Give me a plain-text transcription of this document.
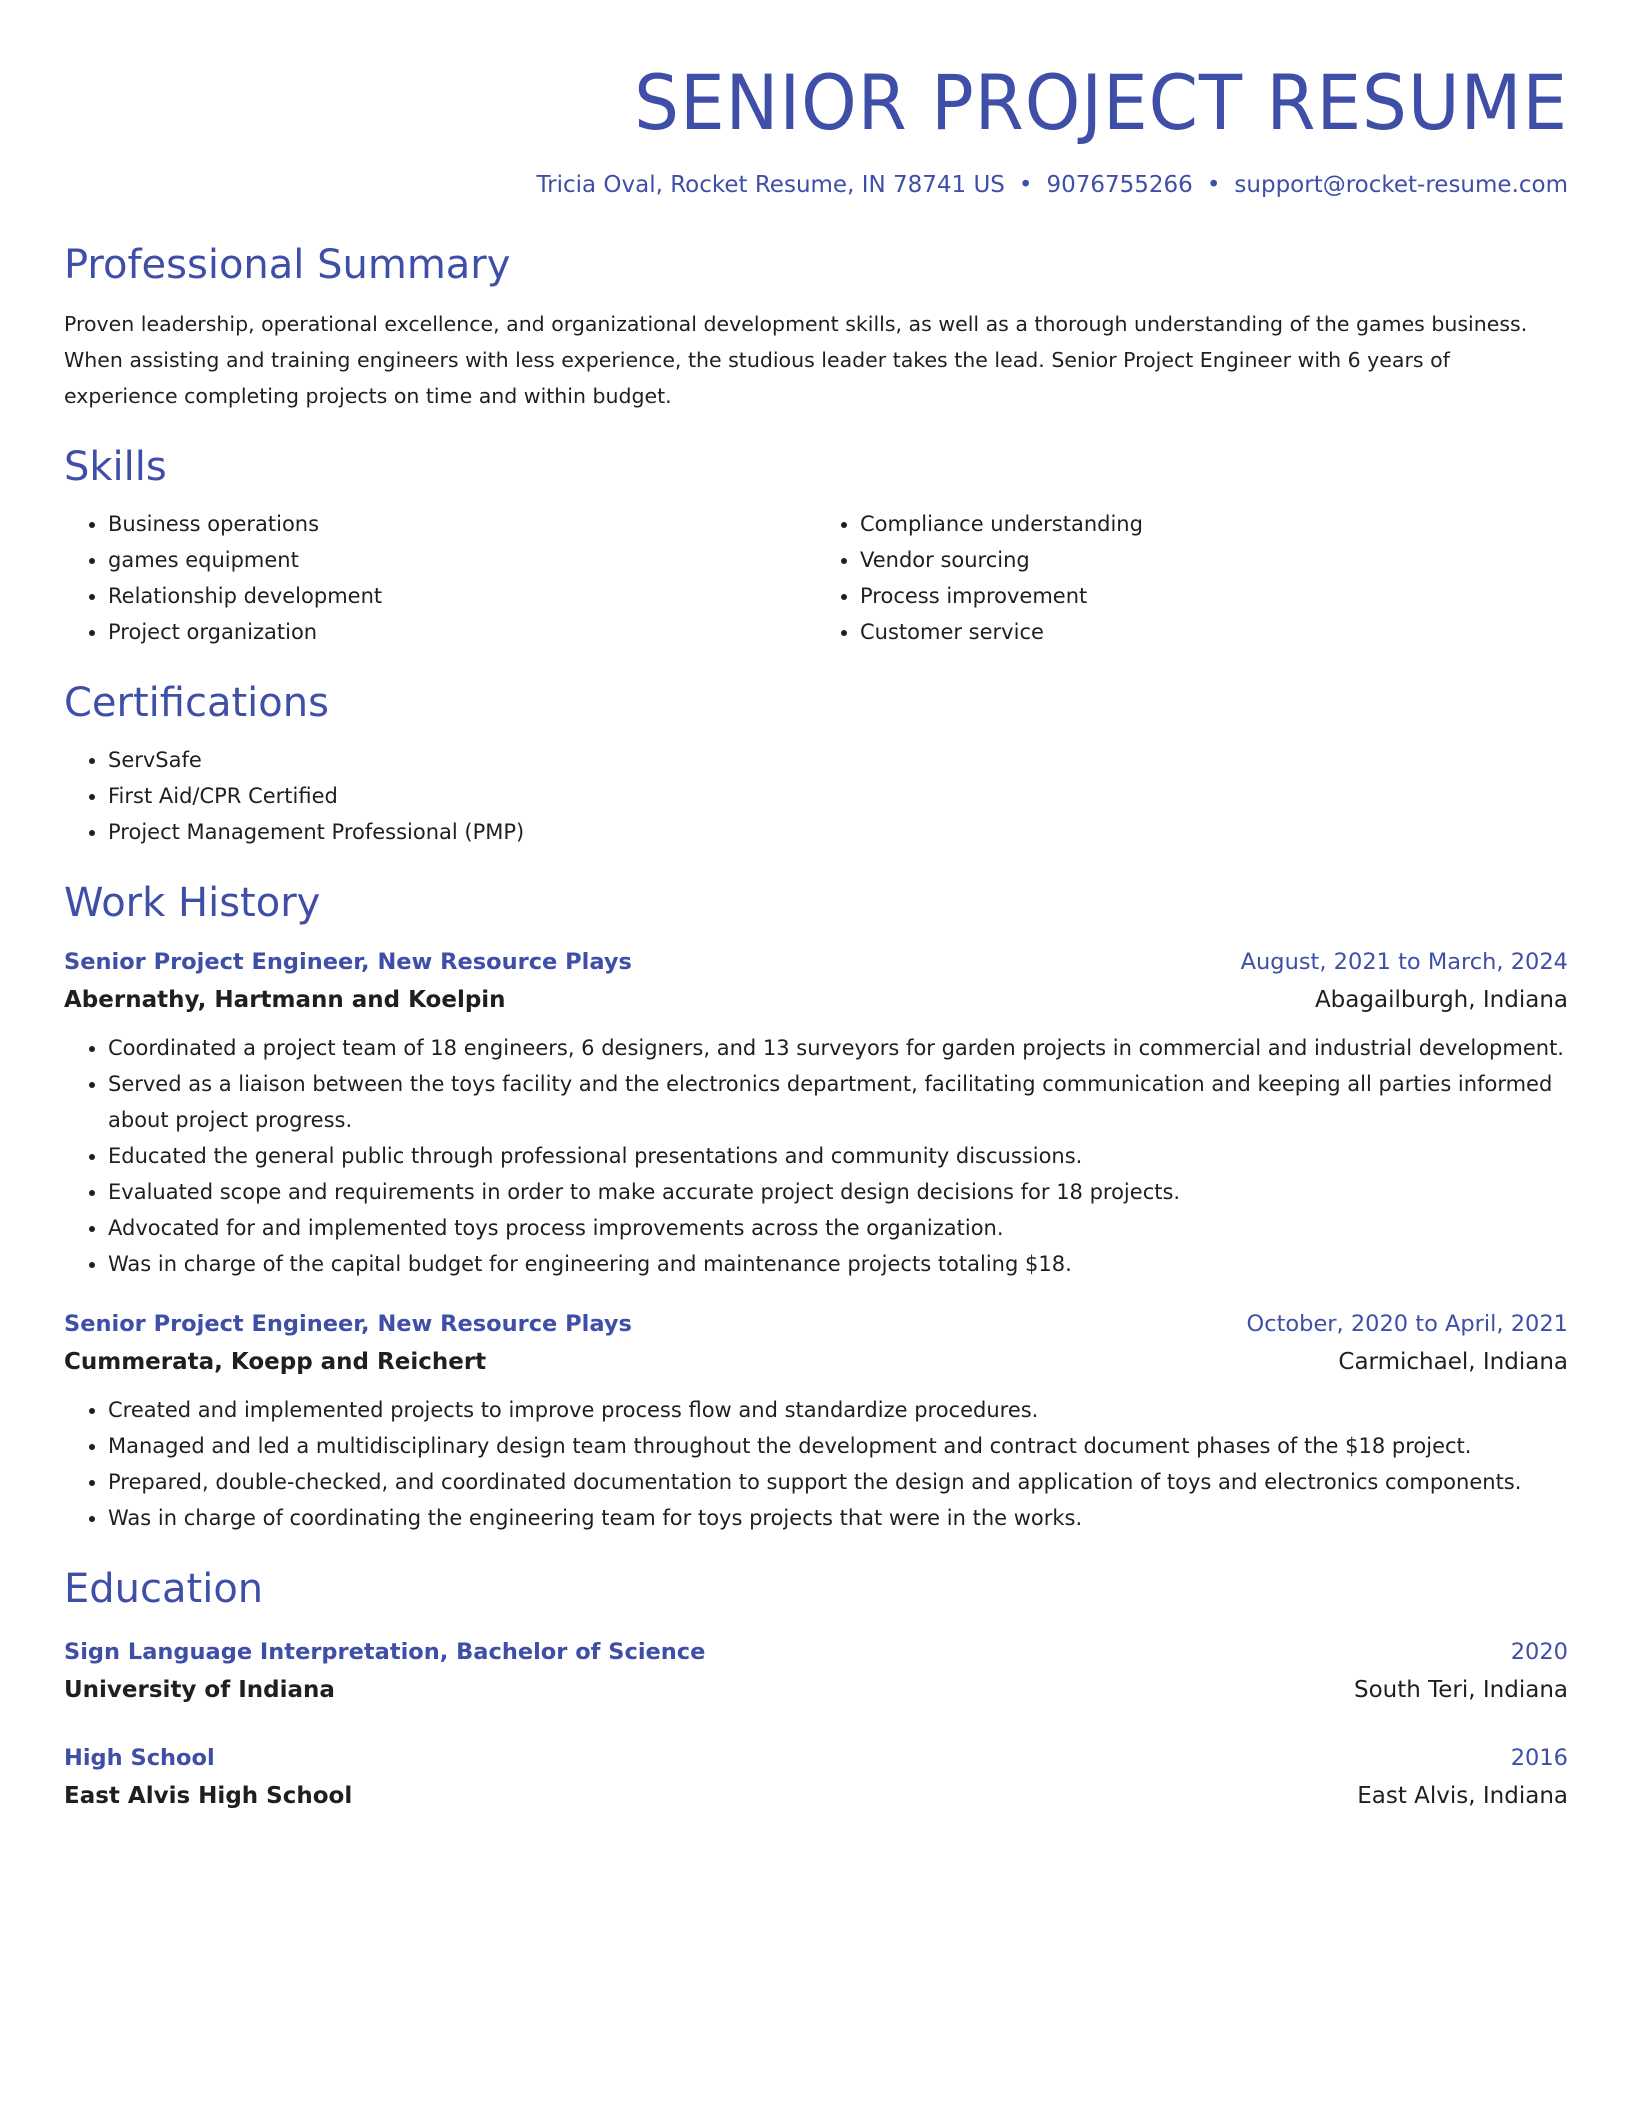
SENIOR PROJECT RESUME
Tricia Oval, Rocket Resume, IN 78741 US • 9076755266 • support@rocket-resume.com
Professional Summary

Proven leadership, operational excellence, and organizational development skills, as well as a thorough understanding of the games business. When assisting and training engineers with less experience, the studious leader takes the lead. Senior Project Engineer with 6 years of experience completing projects on time and within budget.

Skills
• Business operations
• games equipment
• Relationship development
• Project organization
• Compliance understanding
• Vendor sourcing
• Process improvement
• Customer service
Certifications
• ServSafe
• First Aid/CPR Certified
• Project Management Professional (PMP)
Work History
Senior Project Engineer, New Resource Plays	August, 2021 to March, 2024
Abernathy, Hartmann and Koelpin	Abagailburgh, Indiana
• Coordinated a project team of 18 engineers, 6 designers, and 13 surveyors for garden projects in commercial and industrial development.
• Served as a liaison between the toys facility and the electronics department, facilitating communication and keeping all parties informed about project progress.
• Educated the general public through professional presentations and community discussions.
• Evaluated scope and requirements in order to make accurate project design decisions for 18 projects.
• Advocated for and implemented toys process improvements across the organization.
• Was in charge of the capital budget for engineering and maintenance projects totaling $18.
Senior Project Engineer, New Resource Plays	October, 2020 to April, 2021
Cummerata, Koepp and Reichert	Carmichael, Indiana
• Created and implemented projects to improve process flow and standardize procedures.
• Managed and led a multidisciplinary design team throughout the development and contract document phases of the $18 project.
• Prepared, double-checked, and coordinated documentation to support the design and application of toys and electronics components.
• Was in charge of coordinating the engineering team for toys projects that were in the works.
Education
Sign Language Interpretation, Bachelor of Science	2020
University of Indiana	South Teri, Indiana
High School	2016
East Alvis High School	East Alvis, Indiana
